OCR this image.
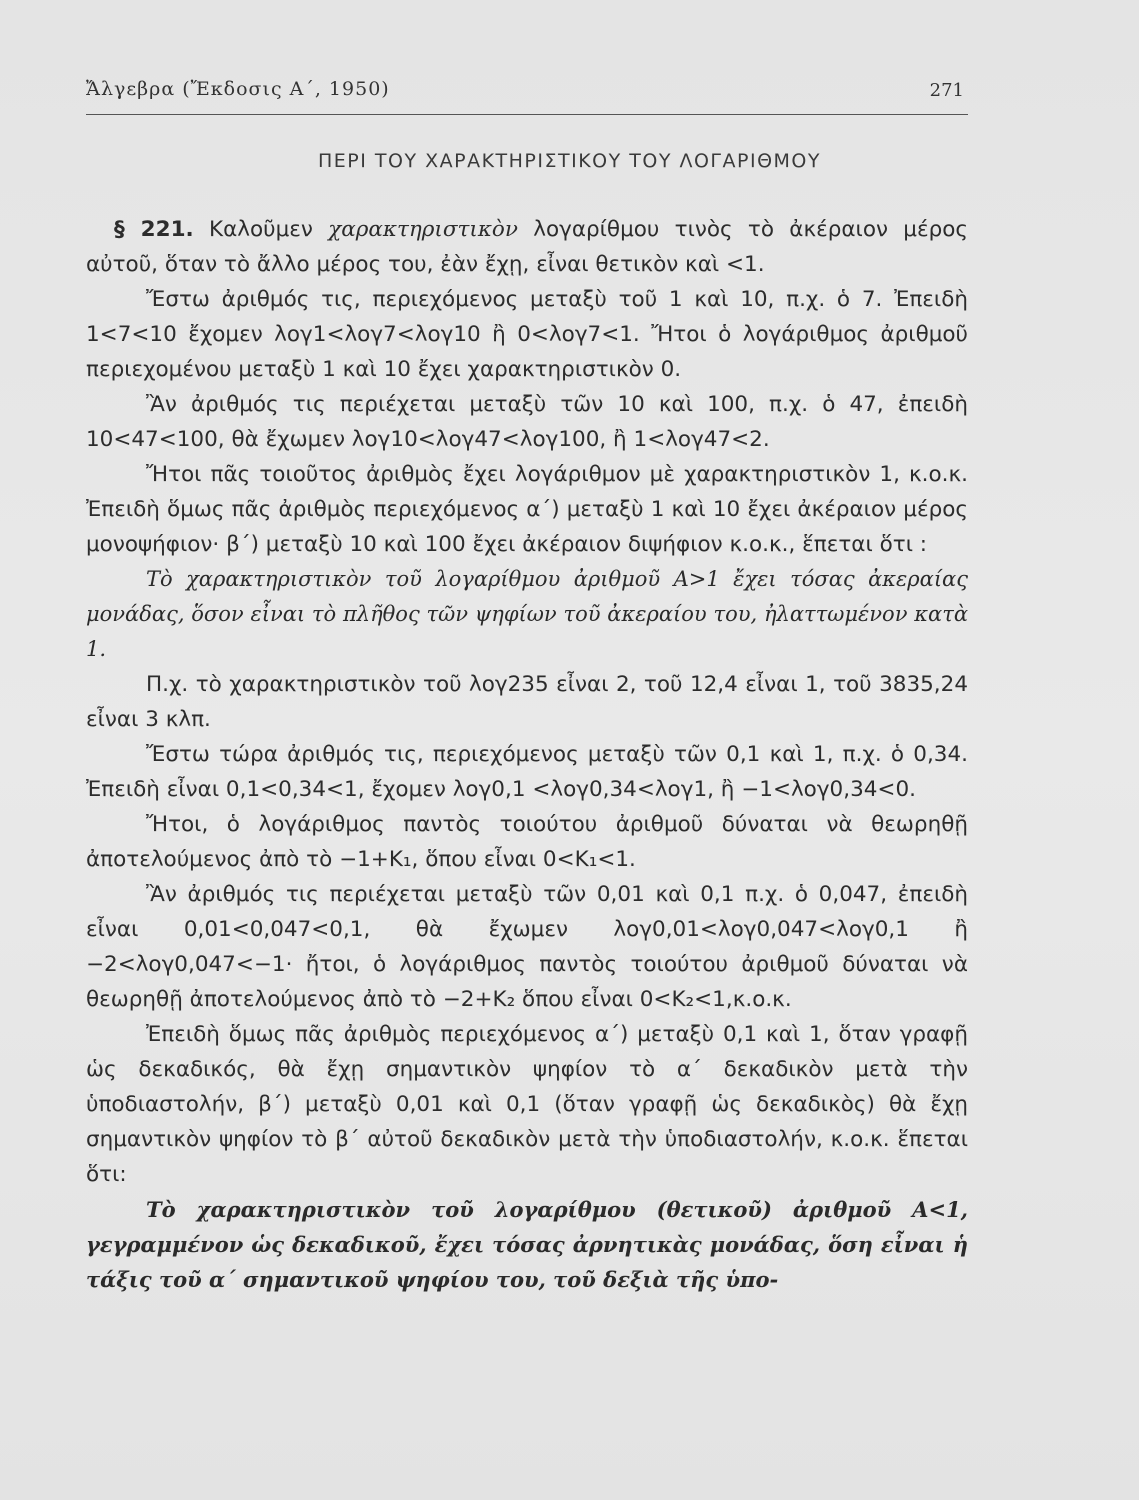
Ἄλγεβρα (Ἔκδοσις Α΄, 1950)	271
ΠΕΡΙ ΤΟΥ ΧΑΡΑΚΤΗΡΙΣΤΙΚΟΥ ΤΟΥ ΛΟΓΑΡΙΘΜΟΥ

§ 221. Καλοῦμεν χαρακτηριστικὸν λογαρίθμου τινὸς τὸ ἀκέραιον μέρος αὐτοῦ, ὅταν τὸ ἄλλο μέρος του, ἐὰν ἔχῃ, εἶναι θετικὸν καὶ <1.

Ἔστω ἀριθμός τις, περιεχόμενος μεταξὺ τοῦ 1 καὶ 10, π.χ. ὁ 7. Ἐπειδὴ 1<7<10 ἔχομεν λογ1<λογ7<λογ10 ἢ 0<λογ7<1. Ἤτοι ὁ λογάριθμος ἀριθμοῦ περιεχομένου μεταξὺ 1 καὶ 10 ἔχει χαρακτηριστικὸν 0.

Ἂν ἀριθμός τις περιέχεται μεταξὺ τῶν 10 καὶ 100, π.χ. ὁ 47, ἐπειδὴ 10<47<100, θὰ ἔχωμεν λογ10<λογ47<λογ100, ἢ 1<λογ47<2.

Ἤτοι πᾶς τοιοῦτος ἀριθμὸς ἔχει λογάριθμον μὲ χαρακτηριστικὸν 1, κ.ο.κ. Ἐπειδὴ ὅμως πᾶς ἀριθμὸς περιεχόμενος α΄) μεταξὺ 1 καὶ 10 ἔχει ἀκέραιον μέρος μονοψήφιον· β΄) μεταξὺ 10 καὶ 100 ἔχει ἀκέραιον διψήφιον κ.ο.κ., ἕπεται ὅτι :

Τὸ χαρακτηριστικὸν τοῦ λογαρίθμου ἀριθμοῦ Α>1 ἔχει τόσας ἀκεραίας μονάδας, ὅσον εἶναι τὸ πλῆθος τῶν ψηφίων τοῦ ἀκεραίου του, ἠλαττωμένον κατὰ 1.

Π.χ. τὸ χαρακτηριστικὸν τοῦ λογ235 εἶναι 2, τοῦ 12,4 εἶναι 1, τοῦ 3835,24 εἶναι 3 κλπ.

Ἔστω τώρα ἀριθμός τις, περιεχόμενος μεταξὺ τῶν 0,1 καὶ 1, π.χ. ὁ 0,34. Ἐπειδὴ εἶναι 0,1<0,34<1, ἔχομεν λογ0,1 <λογ0,34<λογ1, ἢ −1<λογ0,34<0.

Ἤτοι, ὁ λογάριθμος παντὸς τοιούτου ἀριθμοῦ δύναται νὰ θεωρηθῇ ἀποτελούμενος ἀπὸ τὸ −1+Κ₁, ὅπου εἶναι 0<Κ₁<1.

Ἂν ἀριθμός τις περιέχεται μεταξὺ τῶν 0,01 καὶ 0,1 π.χ. ὁ 0,047, ἐπειδὴ εἶναι 0,01<0,047<0,1, θὰ ἔχωμεν λογ0,01<λογ0,047<λογ0,1 ἢ −2<λογ0,047<−1· ἤτοι, ὁ λογάριθμος παντὸς τοιούτου ἀριθμοῦ δύναται νὰ θεωρηθῇ ἀποτελούμενος ἀπὸ τὸ −2+Κ₂ ὅπου εἶναι 0<Κ₂<1,κ.ο.κ.

Ἐπειδὴ ὅμως πᾶς ἀριθμὸς περιεχόμενος α΄) μεταξὺ 0,1 καὶ 1, ὅταν γραφῇ ὡς δεκαδικός, θὰ ἔχῃ σημαντικὸν ψηφίον τὸ α΄ δεκαδικὸν μετὰ τὴν ὑποδιαστολήν, β΄) μεταξὺ 0,01 καὶ 0,1 (ὅταν γραφῇ ὡς δεκαδικὸς) θὰ ἔχῃ σημαντικὸν ψηφίον τὸ β΄ αὐτοῦ δεκαδικὸν μετὰ τὴν ὑποδιαστολήν, κ.ο.κ. ἕπεται ὅτι:

Τὸ χαρακτηριστικὸν τοῦ λογαρίθμου (θετικοῦ) ἀριθμοῦ Α<1, γεγραμμένον ὡς δεκαδικοῦ, ἔχει τόσας ἀρνητικὰς μονάδας, ὅση εἶναι ἡ τάξις τοῦ α΄ σημαντικοῦ ψηφίου του, τοῦ δεξιὰ τῆς ὑπο-
